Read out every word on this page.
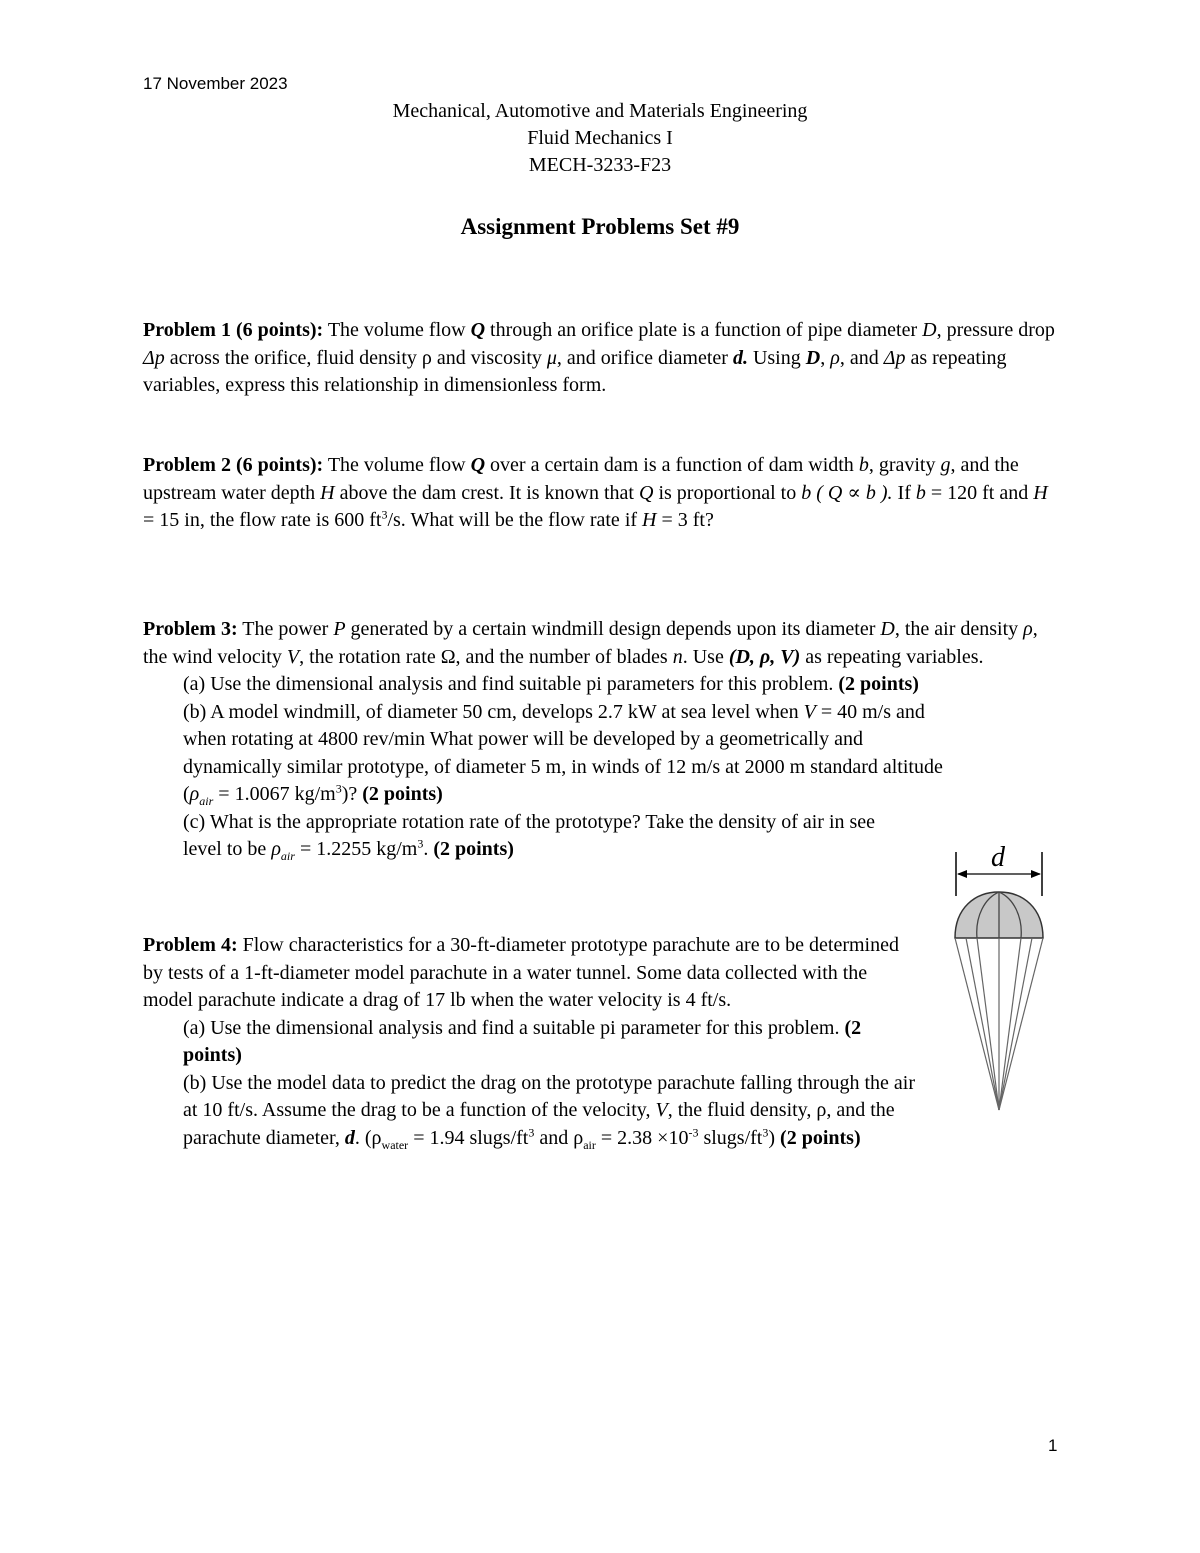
17 November 2023
Mechanical, Automotive and Materials Engineering
Fluid Mechanics I
MECH-3233-F23
Assignment Problems Set #9

Problem 1 (6 points): The volume flow Q through an orifice plate is a function of pipe diameter D, pressure drop Δp across the orifice, fluid density ρ and viscosity μ, and orifice diameter d. Using D, ρ, and Δp as repeating variables, express this relationship in dimensionless form.

Problem 2 (6 points): The volume flow Q over a certain dam is a function of dam width b, gravity g, and the upstream water depth H above the dam crest. It is known that Q is proportional to b ( Q ∝ b ). If b = 120 ft and H = 15 in, the flow rate is 600 $ft^3/s$. What will be the flow rate if H = 3 ft?

Problem 3: The power P generated by a certain windmill design depends upon its diameter D, the air density ρ, the wind velocity V, the rotation rate Ω, and the number of blades n. Use (D, ρ, V) as repeating variables.

(a) Use the dimensional analysis and find suitable pi parameters for this problem. (2 points)

(b) A model windmill, of diameter 50 cm, develops 2.7 kW at sea level when V = 40 m/s and when rotating at 4800 rev/min What power will be developed by a geometrically and dynamically similar prototype, of diameter 5 m, in winds of 12 m/s at 2000 m standard altitude ($\rho_{air} = 1.0067$ $kg/m^3$)? (2 points)

(c) What is the appropriate rotation rate of the prototype? Take the density of air in see level to be $\rho_{air} = 1.2255$ $kg/m^3$. (2 points)

Problem 4: Flow characteristics for a 30-ft-diameter prototype parachute are to be determined by tests of a 1-ft-diameter model parachute in a water tunnel. Some data collected with the model parachute indicate a drag of 17 lb when the water velocity is 4 ft/s.

(a) Use the dimensional analysis and find a suitable pi parameter for this problem. (2 points)

(b) Use the model data to predict the drag on the prototype parachute falling through the air at 10 ft/s. Assume the drag to be a function of the velocity, V, the fluid density, ρ, and the parachute diameter, d. ($\rho_{water} = 1.94$ slugs/$ft^3$ and $\rho_{air} = 2.38 \times 10^{-3}$ slugs/$ft^3$) (2 points)

d
1
